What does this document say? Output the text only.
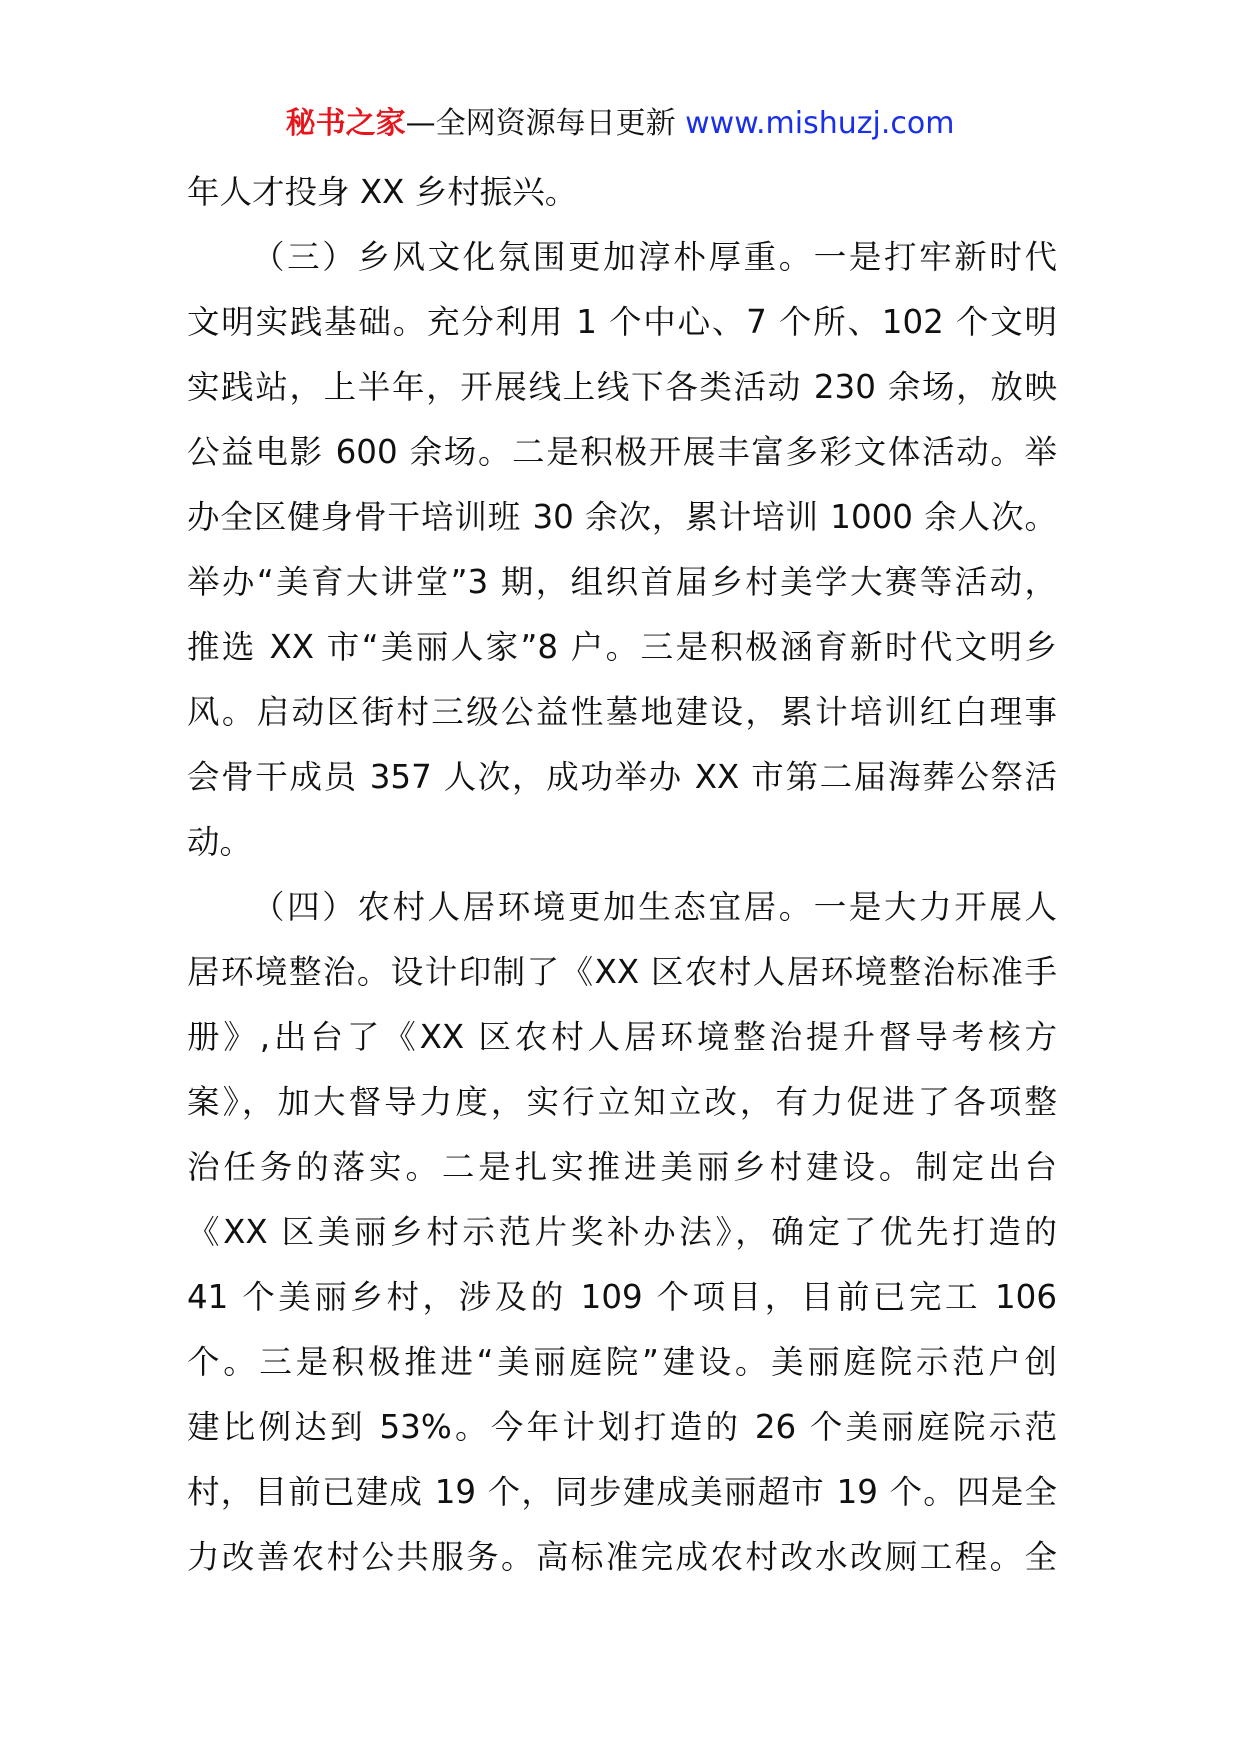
秘书之家—全网资源每日更新 www.mishuzj.com
年人才投身 XX 乡村振兴。
（三）乡风文化氛围更加淳朴厚重。一是打牢新时代
文明实践基础。充分利用 1 个中心、7 个所、102 个文明
实践站，上半年，开展线上线下各类活动 230 余场，放映
公益电影 600 余场。二是积极开展丰富多彩文体活动。举
办全区健身骨干培训班 30 余次，累计培训 1000 余人次。
举办“美育大讲堂”3 期，组织首届乡村美学大赛等活动，
推选 XX 市“美丽人家”8 户。三是积极涵育新时代文明乡
风。启动区街村三级公益性墓地建设，累计培训红白理事
会骨干成员 357 人次，成功举办 XX 市第二届海葬公祭活
动。
（四）农村人居环境更加生态宜居。一是大力开展人
居环境整治。设计印制了《XX 区农村人居环境整治标准手
册》,出台了《XX 区农村人居环境整治提升督导考核方
案》，加大督导力度，实行立知立改，有力促进了各项整
治任务的落实。二是扎实推进美丽乡村建设。制定出台
《XX 区美丽乡村示范片奖补办法》，确定了优先打造的
41 个美丽乡村，涉及的 109 个项目，目前已完工 106
个。三是积极推进“美丽庭院”建设。美丽庭院示范户创
建比例达到 53%。今年计划打造的 26 个美丽庭院示范
村，目前已建成 19 个，同步建成美丽超市 19 个。四是全
力改善农村公共服务。高标准完成农村改水改厕工程。全
